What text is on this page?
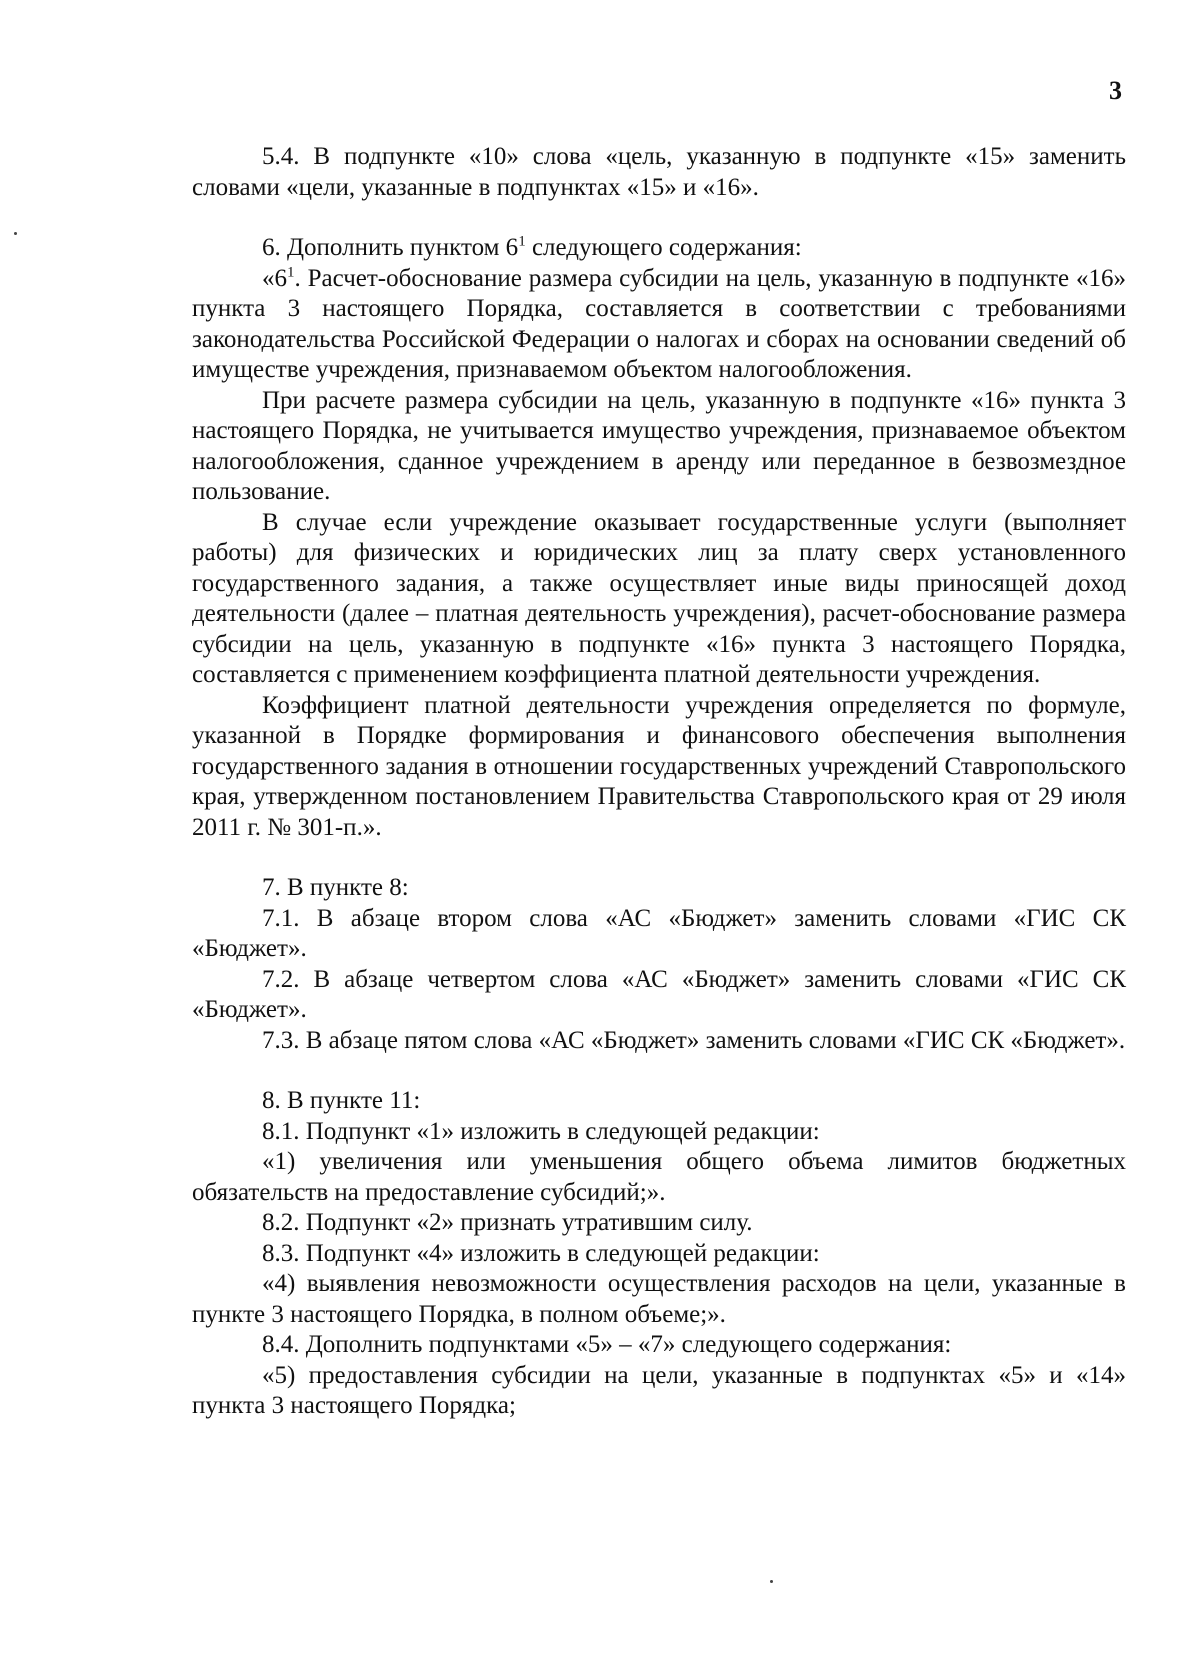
3

5.4. В подпункте «10» слова «цель, указанную в подпункте «15» заменить словами «цели, указанные в подпунктах «15» и «16».

6. Дополнить пунктом $6^1$ следующего содержания:

«$6^1$. Расчет-обоснование размера субсидии на цель, указанную в подпункте «16» пункта 3 настоящего Порядка, составляется в соответствии с требованиями законодательства Российской Федерации о налогах и сборах на основании сведений об имуществе учреждения, признаваемом объектом налогообложения.

При расчете размера субсидии на цель, указанную в подпункте «16» пункта 3 настоящего Порядка, не учитывается имущество учреждения, признаваемое объектом налогообложения, сданное учреждением в аренду или переданное в безвозмездное пользование.

В случае если учреждение оказывает государственные услуги (выполняет работы) для физических и юридических лиц за плату сверх установленного государственного задания, а также осуществляет иные виды приносящей доход деятельности (далее – платная деятельность учреждения), расчет-обоснование размера субсидии на цель, указанную в подпункте «16» пункта 3 настоящего Порядка, составляется с применением коэффициента платной деятельности учреждения.

Коэффициент платной деятельности учреждения определяется по формуле, указанной в Порядке формирования и финансового обеспечения выполнения государственного задания в отношении государственных учреждений Ставропольского края, утвержденном постановлением Правительства Ставропольского края от 29 июля 2011 г. № 301-п.».

7. В пункте 8:

7.1. В абзаце втором слова «АС «Бюджет» заменить словами «ГИС СК «Бюджет».

7.2. В абзаце четвертом слова «АС «Бюджет» заменить словами «ГИС СК «Бюджет».

7.3. В абзаце пятом слова «АС «Бюджет» заменить словами «ГИС СК «Бюджет».

8. В пункте 11:

8.1. Подпункт «1» изложить в следующей редакции:

«1) увеличения или уменьшения общего объема лимитов бюджетных обязательств на предоставление субсидий;».

8.2. Подпункт «2» признать утратившим силу.

8.3. Подпункт «4» изложить в следующей редакции:

«4) выявления невозможности осуществления расходов на цели, указанные в пункте 3 настоящего Порядка, в полном объеме;».

8.4. Дополнить подпунктами «5» – «7» следующего содержания:

«5) предоставления субсидии на цели, указанные в подпунктах «5» и «14» пункта 3 настоящего Порядка;
